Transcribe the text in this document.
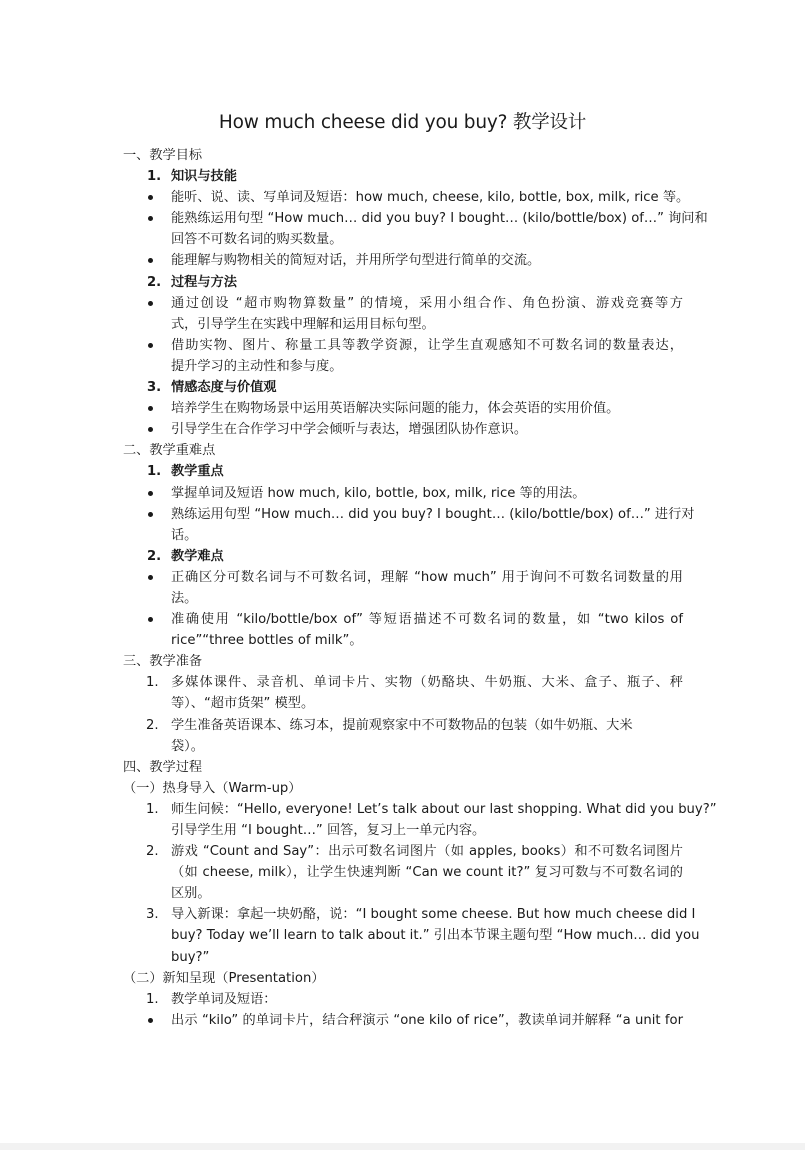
How much cheese did you buy? 教学设计
一、教学目标
1. 知识与技能
能听、说、读、写单词及短语：how much, cheese, kilo, bottle, box, milk, rice 等。
能熟练运用句型 “How much… did you buy? I bought… (kilo/bottle/box) of…” 询问和
回答不可数名词的购买数量。
能理解与购物相关的简短对话，并用所学句型进行简单的交流。
2. 过程与方法
通过创设 “超市购物算数量” 的情境，采用小组合作、角色扮演、游戏竞赛等方
式，引导学生在实践中理解和运用目标句型。
借助实物、图片、称量工具等教学资源，让学生直观感知不可数名词的数量表达，
提升学习的主动性和参与度。
3. 情感态度与价值观
培养学生在购物场景中运用英语解决实际问题的能力，体会英语的实用价值。
引导学生在合作学习中学会倾听与表达，增强团队协作意识。
二、教学重难点
1. 教学重点
掌握单词及短语 how much, kilo, bottle, box, milk, rice 等的用法。
熟练运用句型 “How much… did you buy? I bought… (kilo/bottle/box) of…” 进行对
话。
2. 教学难点
正确区分可数名词与不可数名词，理解 “how much” 用于询问不可数名词数量的用
法。
准确使用 “kilo/bottle/box of” 等短语描述不可数名词的数量，如 “two kilos of
rice”“three bottles of milk”。
三、教学准备
1. 多媒体课件、录音机、单词卡片、实物（奶酪块、牛奶瓶、大米、盒子、瓶子、秤
等）、“超市货架” 模型。
2. 学生准备英语课本、练习本，提前观察家中不可数物品的包装（如牛奶瓶、大米
袋）。
四、教学过程
（一）热身导入（Warm-up）
1. 师生问候：“Hello, everyone! Let’s talk about our last shopping. What did you buy?”
引导学生用 “I bought…” 回答，复习上一单元内容。
2. 游戏 “Count and Say”：出示可数名词图片（如 apples, books）和不可数名词图片
（如 cheese, milk），让学生快速判断 “Can we count it?” 复习可数与不可数名词的
区别。
3. 导入新课：拿起一块奶酪，说：“I bought some cheese. But how much cheese did I
buy? Today we’ll learn to talk about it.” 引出本节课主题句型 “How much… did you
buy?”
（二）新知呈现（Presentation）
1. 教学单词及短语：
出示 “kilo” 的单词卡片，结合秤演示 “one kilo of rice”，教读单词并解释 “a unit for
